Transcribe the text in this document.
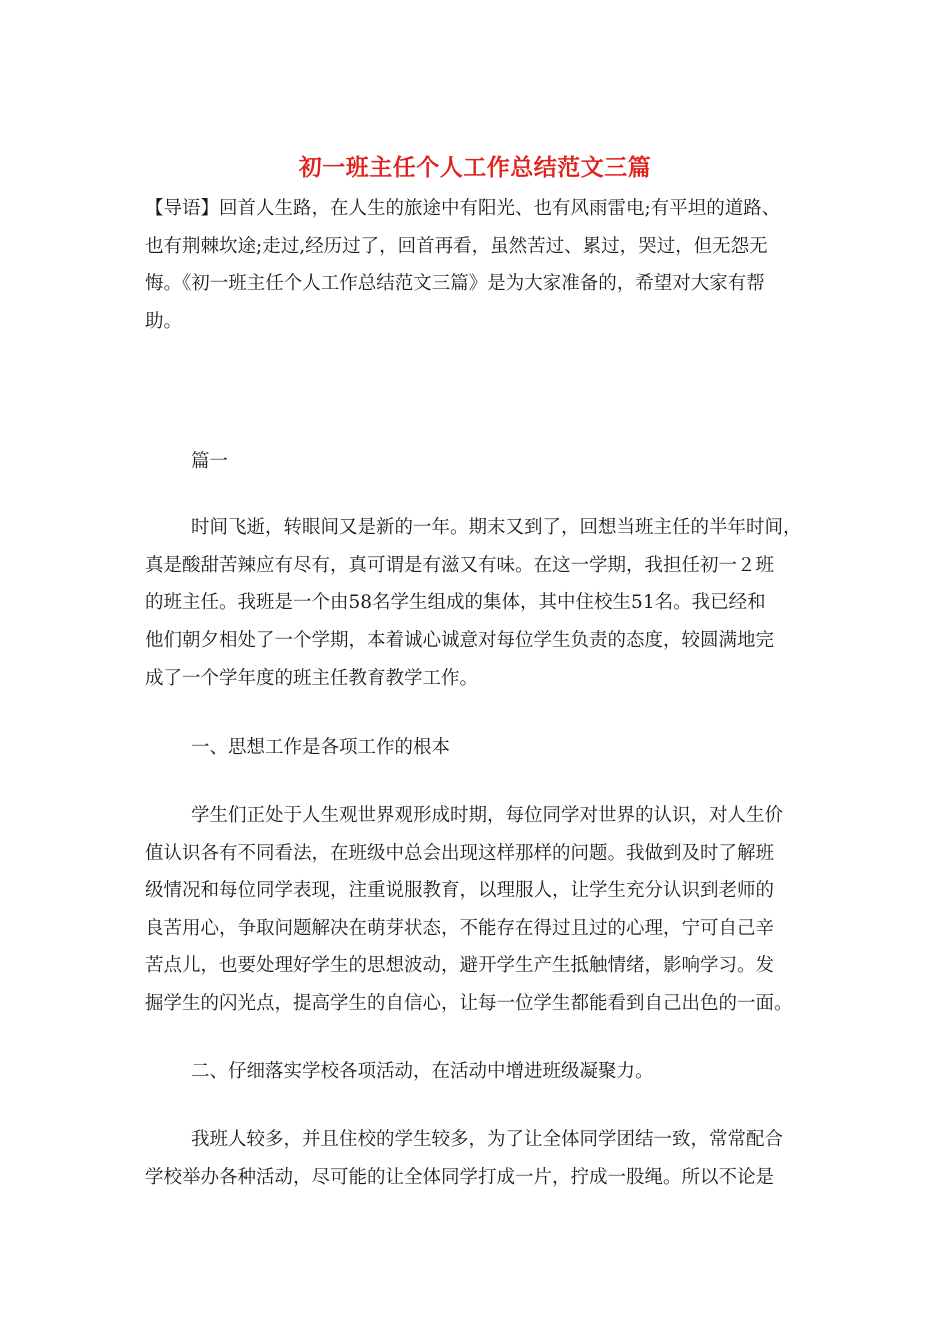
初一班主任个人工作总结范文三篇
【导语】回首人生路，在人生的旅途中有阳光、也有风雨雷电;有平坦的道路、
也有荆棘坎途;走过,经历过了，回首再看，虽然苦过、累过，哭过，但无怨无
悔。《初一班主任个人工作总结范文三篇》是为大家准备的，希望对大家有帮
助。
篇一
时间飞逝，转眼间又是新的一年。期末又到了，回想当班主任的半年时间，
真是酸甜苦辣应有尽有，真可谓是有滋又有味。在这一学期，我担任初一２班
的班主任。我班是一个由58名学生组成的集体，其中住校生51名。我已经和
他们朝夕相处了一个学期，本着诚心诚意对每位学生负责的态度，较圆满地完
成了一个学年度的班主任教育教学工作。
一、思想工作是各项工作的根本
学生们正处于人生观世界观形成时期，每位同学对世界的认识，对人生价
值认识各有不同看法，在班级中总会出现这样那样的问题。我做到及时了解班
级情况和每位同学表现，注重说服教育，以理服人，让学生充分认识到老师的
良苦用心，争取问题解决在萌芽状态，不能存在得过且过的心理，宁可自己辛
苦点儿，也要处理好学生的思想波动，避开学生产生抵触情绪，影响学习。发
掘学生的闪光点，提高学生的自信心，让每一位学生都能看到自己出色的一面。
二、仔细落实学校各项活动，在活动中增进班级凝聚力。
我班人较多，并且住校的学生较多，为了让全体同学团结一致，常常配合
学校举办各种活动，尽可能的让全体同学打成一片，拧成一股绳。所以不论是
